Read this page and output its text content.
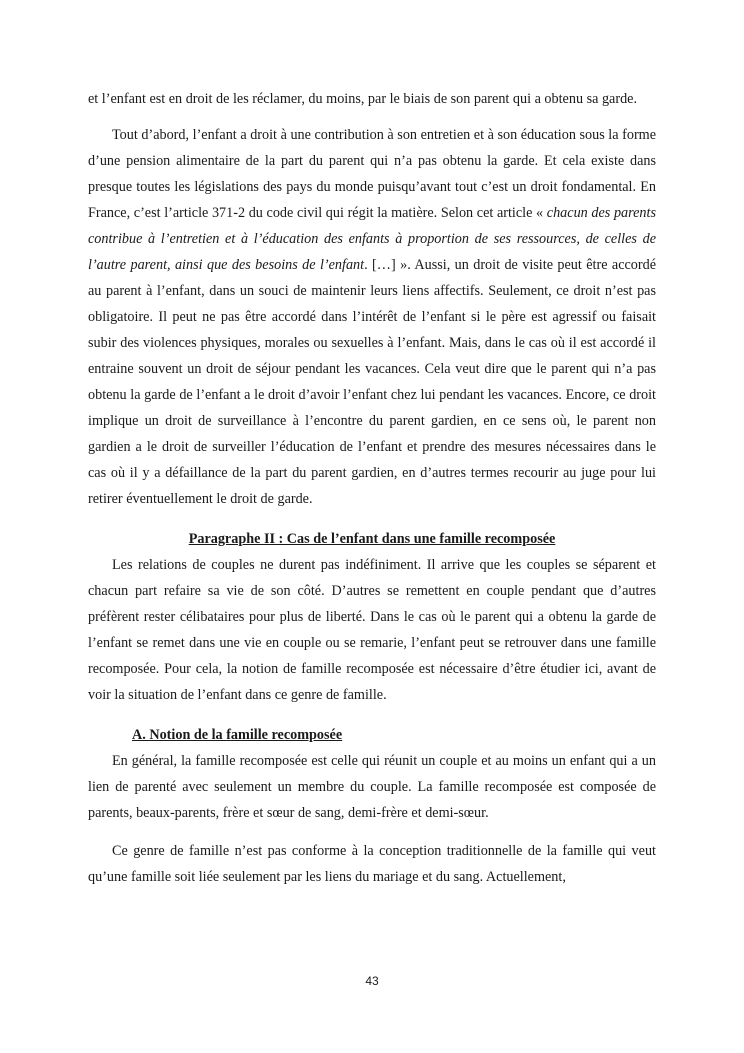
et l’enfant est en droit de les réclamer, du moins, par le biais de son parent qui a obtenu sa garde.

Tout d’abord, l’enfant a droit à une contribution à son entretien et à son éducation sous la forme d’une pension alimentaire de la part du parent qui n’a pas obtenu la garde. Et cela existe dans presque toutes les législations des pays du monde puisqu’avant tout c’est un droit fondamental. En France, c’est l’article 371-2 du code civil qui régit la matière. Selon cet article « chacun des parents contribue à l’entretien et à l’éducation des enfants à proportion de ses ressources, de celles de l’autre parent, ainsi que des besoins de l’enfant. […] ». Aussi, un droit de visite peut être accordé au parent à l’enfant, dans un souci de maintenir leurs liens affectifs. Seulement, ce droit n’est pas obligatoire. Il peut ne pas être accordé dans l’intérêt de l’enfant si le père est agressif ou faisait subir des violences physiques, morales ou sexuelles à l’enfant. Mais, dans le cas où il est accordé il entraine souvent un droit de séjour pendant les vacances. Cela veut dire que le parent qui n’a pas obtenu la garde de l’enfant a le droit d’avoir l’enfant chez lui pendant les vacances. Encore, ce droit implique un droit de surveillance à l’encontre du parent gardien, en ce sens où, le parent non gardien a le droit de surveiller l’éducation de l’enfant et prendre des mesures nécessaires dans le cas où il y a défaillance de la part du parent gardien, en d’autres termes recourir au juge pour lui retirer éventuellement le droit de garde.

Paragraphe II : Cas de l’enfant dans une famille recomposée

Les relations de couples ne durent pas indéfiniment. Il arrive que les couples se séparent et chacun part refaire sa vie de son côté. D’autres se remettent en couple pendant que d’autres préfèrent rester célibataires pour plus de liberté. Dans le cas où le parent qui a obtenu la garde de l’enfant se remet dans une vie en couple ou se remarie, l’enfant peut se retrouver dans une famille recomposée. Pour cela, la notion de famille recomposée est nécessaire d’être étudier ici, avant de voir la situation de l’enfant dans ce genre de famille.

A. Notion de la famille recomposée

En général, la famille recomposée est celle qui réunit un couple et au moins un enfant qui a un lien de parenté avec seulement un membre du couple. La famille recomposée est composée de parents, beaux-parents, frère et sœur de sang, demi-frère et demi-sœur.

Ce genre de famille n’est pas conforme à la conception traditionnelle de la famille qui veut qu’une famille soit liée seulement par les liens du mariage et du sang. Actuellement,

43
